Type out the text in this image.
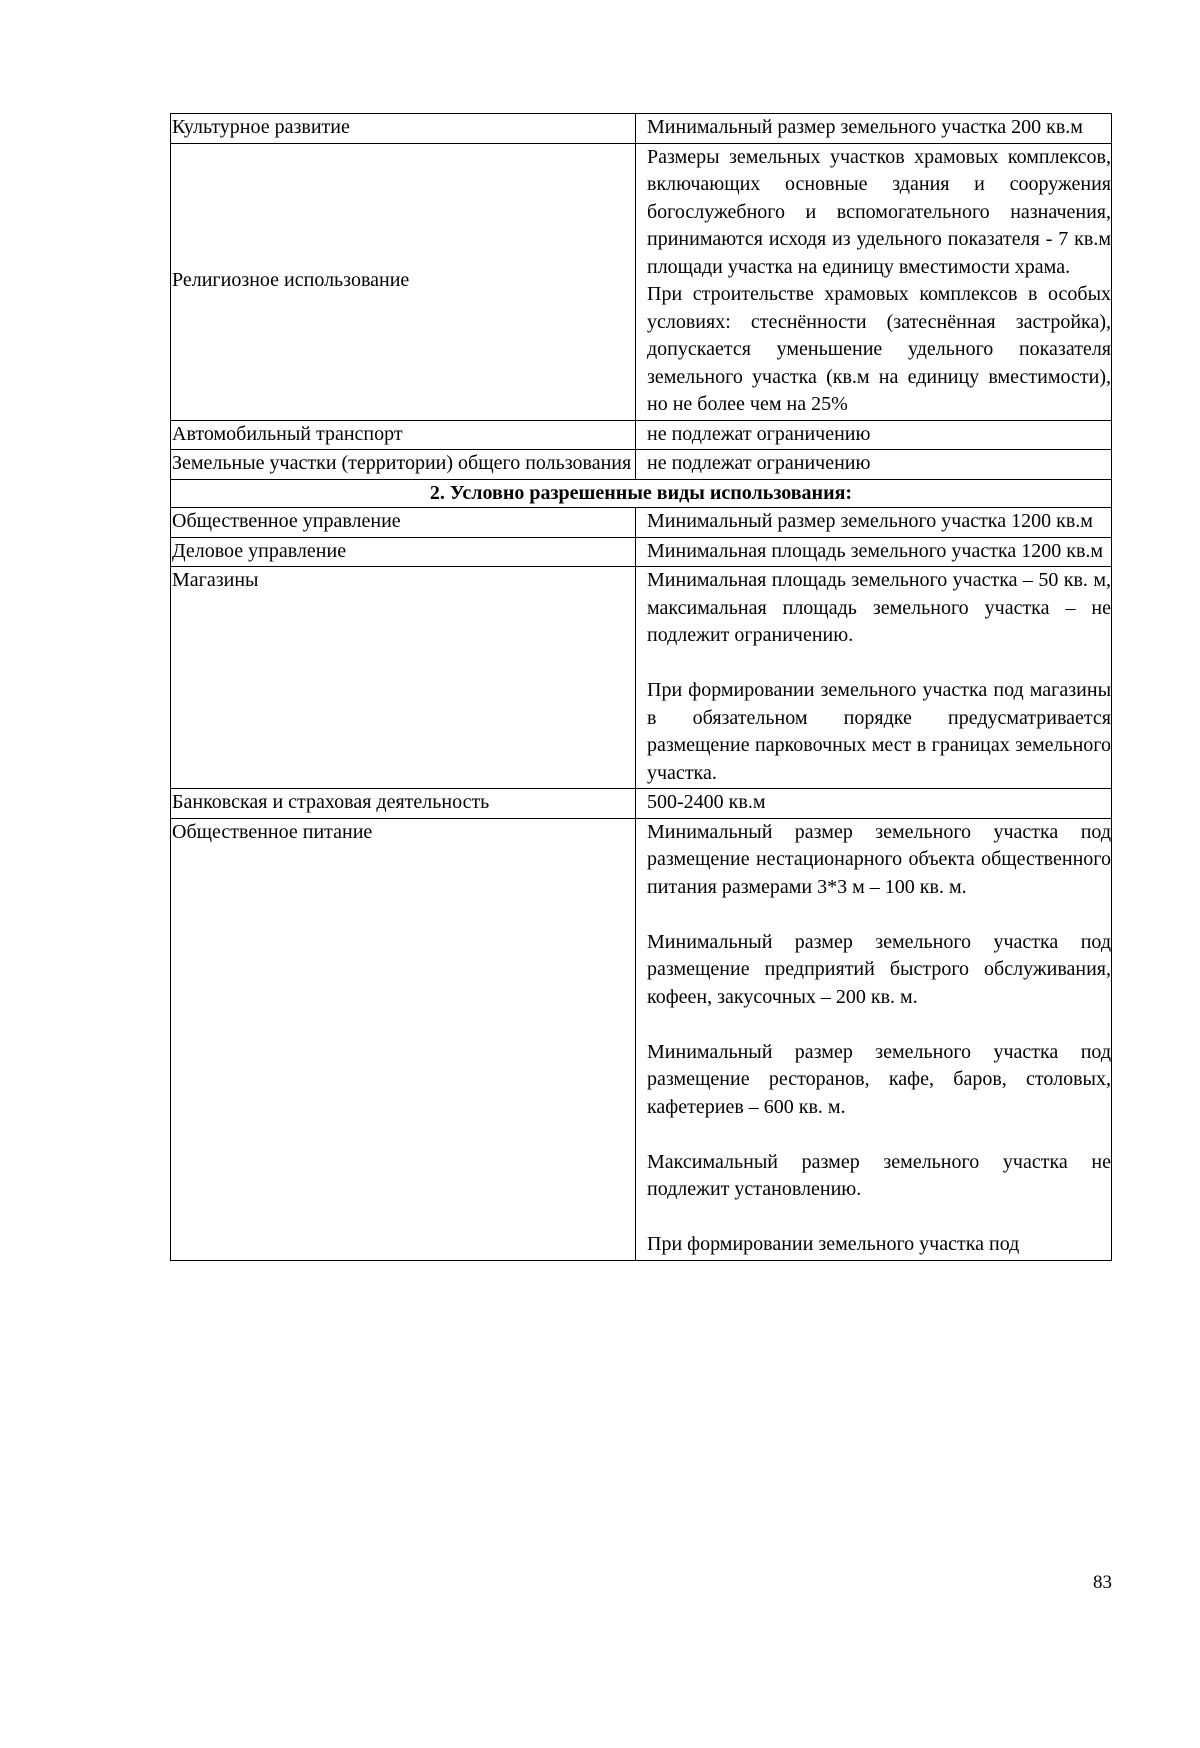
Культурное развитие	Минимальный размер земельного участка 200 кв.м

Религиозное использование	Размеры земельных участков храмовых комплексов, включающих основные здания и сооружения богослужебного и вспомогательного назначения, принимаются исходя из удельного показателя - 7 кв.м площади участка на единицу вместимости храма.
При строительстве храмовых комплексов в особых условиях: стеснённости (затеснённая застройка), допускается уменьшение удельного показателя земельного участка (кв.м на единицу вместимости), но не более чем на 25%

Автомобильный транспорт	не подлежат ограничению

Земельные участки (территории) общего пользования	не подлежат ограничению

2. Условно разрешенные виды использования:	
Общественное управление	Минимальный размер земельного участка 1200 кв.м

Деловое управление	Минимальная площадь земельного участка 1200 кв.м

Магазины	Минимальная площадь земельного участка – 50 кв. м, максимальная площадь земельного участка – не подлежит ограничению.
При формировании земельного участка под магазины в обязательном порядке предусматривается размещение парковочных мест в границах земельного участка.

Банковская и страховая деятельность	500-2400 кв.м

Общественное питание	Минимальный размер земельного участка под размещение нестационарного объекта общественного питания размерами 3*3 м – 100 кв. м.
Минимальный размер земельного участка под размещение предприятий быстрого обслуживания, кофеен, закусочных – 200 кв. м.
Минимальный размер земельного участка под размещение ресторанов, кафе, баров, столовых, кафетериев – 600 кв. м.
Максимальный размер земельного участка не подлежит установлению.
При формировании земельного участка под
83
